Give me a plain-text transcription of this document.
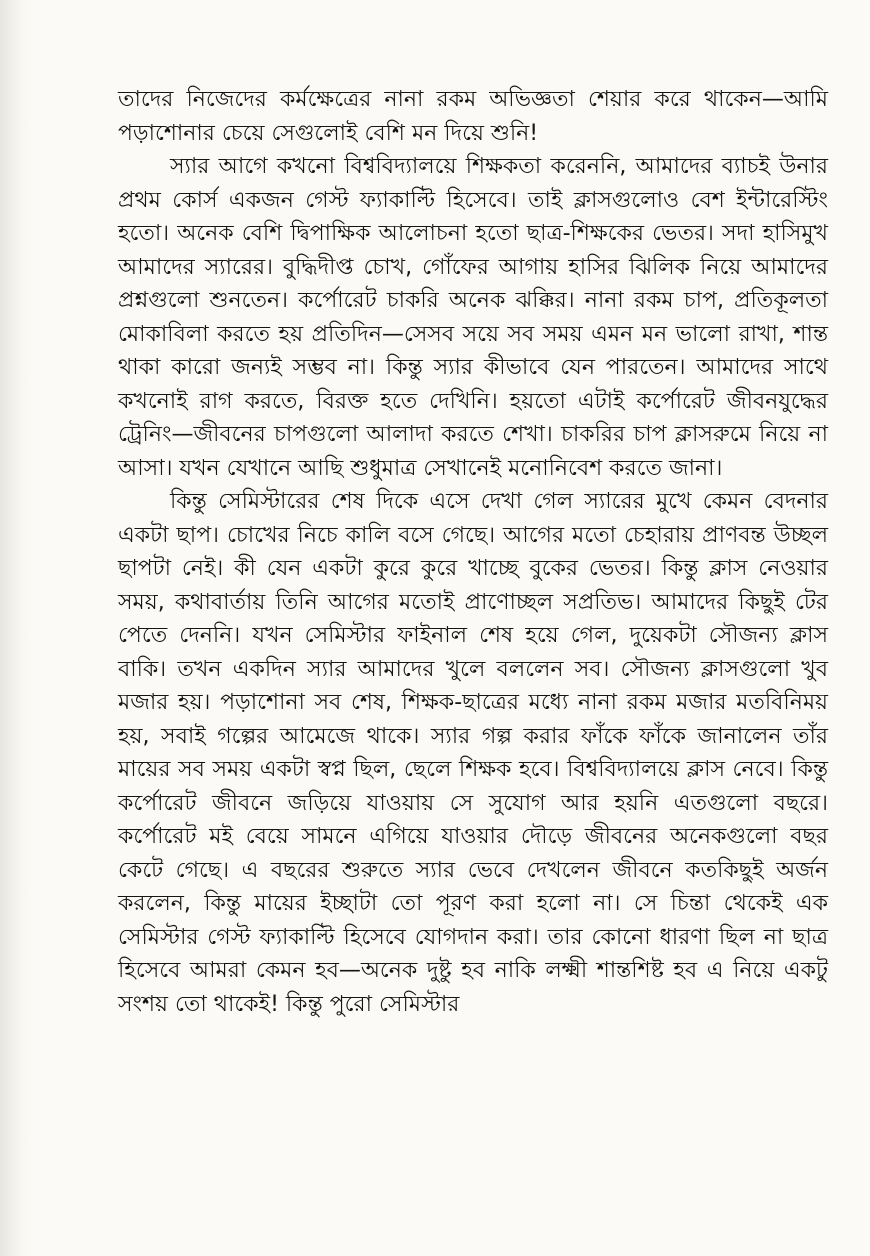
তাদের নিজেদের কর্মক্ষেত্রের নানা রকম অভিজ্ঞতা শেয়ার করে থাকেন—আমি পড়াশোনার চেয়ে সেগুলোই বেশি মন দিয়ে শুনি!

স্যার আগে কখনো বিশ্ববিদ্যালয়ে শিক্ষকতা করেননি, আমাদের ব্যাচই উনার প্রথম কোর্স একজন গেস্ট ফ্যাকাল্টি হিসেবে। তাই ক্লাসগুলোও বেশ ইন্টারেস্টিং হতো। অনেক বেশি দ্বিপাক্ষিক আলোচনা হতো ছাত্র-শিক্ষকের ভেতর। সদা হাসিমুখ আমাদের স্যারের। বুদ্ধিদীপ্ত চোখ, গোঁফের আগায় হাসির ঝিলিক নিয়ে আমাদের প্রশ্নগুলো শুনতেন। কর্পোরেট চাকরি অনেক ঝক্কির। নানা রকম চাপ, প্রতিকূলতা মোকাবিলা করতে হয় প্রতিদিন—সেসব সয়ে সব সময় এমন মন ভালো রাখা, শান্ত থাকা কারো জন্যই সম্ভব না। কিন্তু স্যার কীভাবে যেন পারতেন। আমাদের সাথে কখনোই রাগ করতে, বিরক্ত হতে দেখিনি। হয়তো এটাই কর্পোরেট জীবনযুদ্ধের ট্রেনিং—জীবনের চাপগুলো আলাদা করতে শেখা। চাকরির চাপ ক্লাসরুমে নিয়ে না আসা। যখন যেখানে আছি শুধুমাত্র সেখানেই মনোনিবেশ করতে জানা।

কিন্তু সেমিস্টারের শেষ দিকে এসে দেখা গেল স্যারের মুখে কেমন বেদনার একটা ছাপ। চোখের নিচে কালি বসে গেছে। আগের মতো চেহারায় প্রাণবন্ত উচ্ছল ছাপটা নেই। কী যেন একটা কুরে কুরে খাচ্ছে বুকের ভেতর। কিন্তু ক্লাস নেওয়ার সময়, কথাবার্তায় তিনি আগের মতোই প্রাণোচ্ছল সপ্রতিভ। আমাদের কিছুই টের পেতে দেননি। যখন সেমিস্টার ফাইনাল শেষ হয়ে গেল, দুয়েকটা সৌজন্য ক্লাস বাকি। তখন একদিন স্যার আমাদের খুলে বললেন সব। সৌজন্য ক্লাসগুলো খুব মজার হয়। পড়াশোনা সব শেষ, শিক্ষক-ছাত্রের মধ্যে নানা রকম মজার মতবিনিময় হয়, সবাই গল্পের আমেজে থাকে। স্যার গল্প করার ফাঁকে ফাঁকে জানালেন তাঁর মায়ের সব সময় একটা স্বপ্ন ছিল, ছেলে শিক্ষক হবে। বিশ্ববিদ্যালয়ে ক্লাস নেবে। কিন্তু কর্পোরেট জীবনে জড়িয়ে যাওয়ায় সে সুযোগ আর হয়নি এতগুলো বছরে। কর্পোরেট মই বেয়ে সামনে এগিয়ে যাওয়ার দৌড়ে জীবনের অনেকগুলো বছর কেটে গেছে। এ বছরের শুরুতে স্যার ভেবে দেখলেন জীবনে কতকিছুই অর্জন করলেন, কিন্তু মায়ের ইচ্ছাটা তো পূরণ করা হলো না। সে চিন্তা থেকেই এক সেমিস্টার গেস্ট ফ্যাকাল্টি হিসেবে যোগদান করা। তার কোনো ধারণা ছিল না ছাত্র হিসেবে আমরা কেমন হব—অনেক দুষ্টু হব নাকি লক্ষ্মী শান্তশিষ্ট হব এ নিয়ে একটু সংশয় তো থাকেই! কিন্তু পুরো সেমিস্টার
